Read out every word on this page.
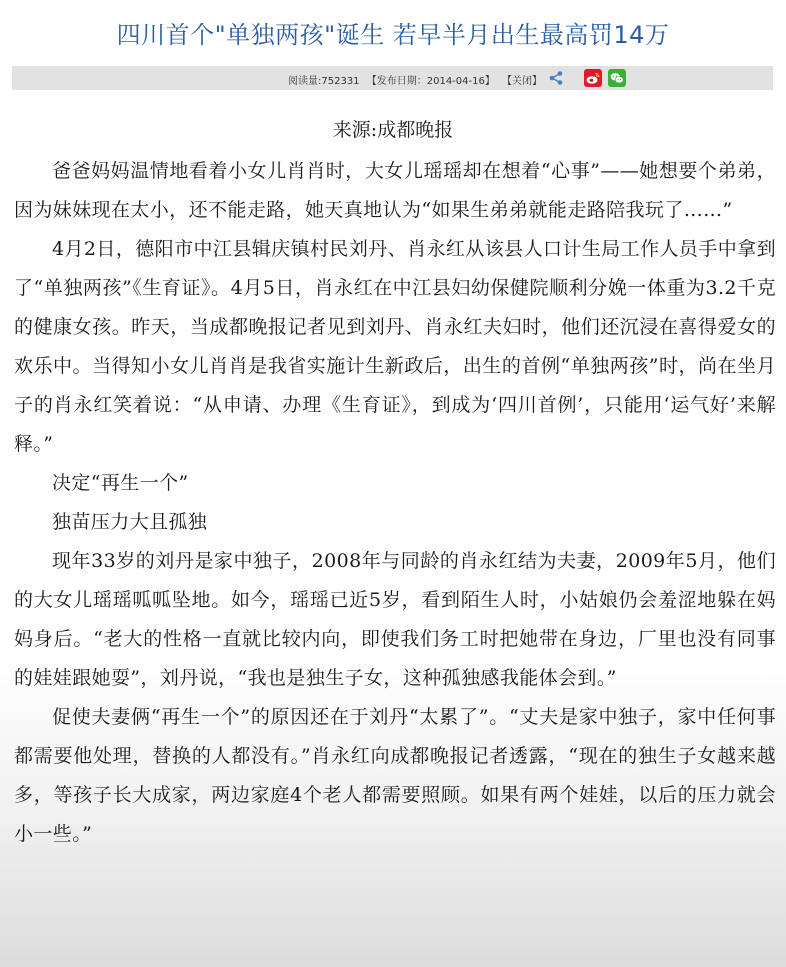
四川首个"单独两孩"诞生 若早半月出生最高罚14万
阅读量:752331 【发布日期：2014-04-16】 【关闭】
来源:成都晚报

爸爸妈妈温情地看着小女儿肖肖时，大女儿瑶瑶却在想着“心事”——她想要个弟弟，因为妹妹现在太小，还不能走路，她天真地认为“如果生弟弟就能走路陪我玩了……”

4月2日，德阳市中江县辑庆镇村民刘丹、肖永红从该县人口计生局工作人员手中拿到了“单独两孩”《生育证》。4月5日，肖永红在中江县妇幼保健院顺利分娩一体重为3.2千克的健康女孩。昨天，当成都晚报记者见到刘丹、肖永红夫妇时，他们还沉浸在喜得爱女的欢乐中。当得知小女儿肖肖是我省实施计生新政后，出生的首例“单独两孩”时，尚在坐月子的肖永红笑着说：“从申请、办理《生育证》，到成为‘四川首例’，只能用‘运气好’来解释。”

决定“再生一个”

独苗压力大且孤独

现年33岁的刘丹是家中独子，2008年与同龄的肖永红结为夫妻，2009年5月，他们的大女儿瑶瑶呱呱坠地。如今，瑶瑶已近5岁，看到陌生人时，小姑娘仍会羞涩地躲在妈妈身后。“老大的性格一直就比较内向，即使我们务工时把她带在身边，厂里也没有同事的娃娃跟她耍”，刘丹说，“我也是独生子女，这种孤独感我能体会到。”

促使夫妻俩“再生一个”的原因还在于刘丹“太累了”。“丈夫是家中独子，家中任何事都需要他处理，替换的人都没有。”肖永红向成都晚报记者透露，“现在的独生子女越来越多，等孩子长大成家，两边家庭4个老人都需要照顾。如果有两个娃娃，以后的压力就会小一些。”
